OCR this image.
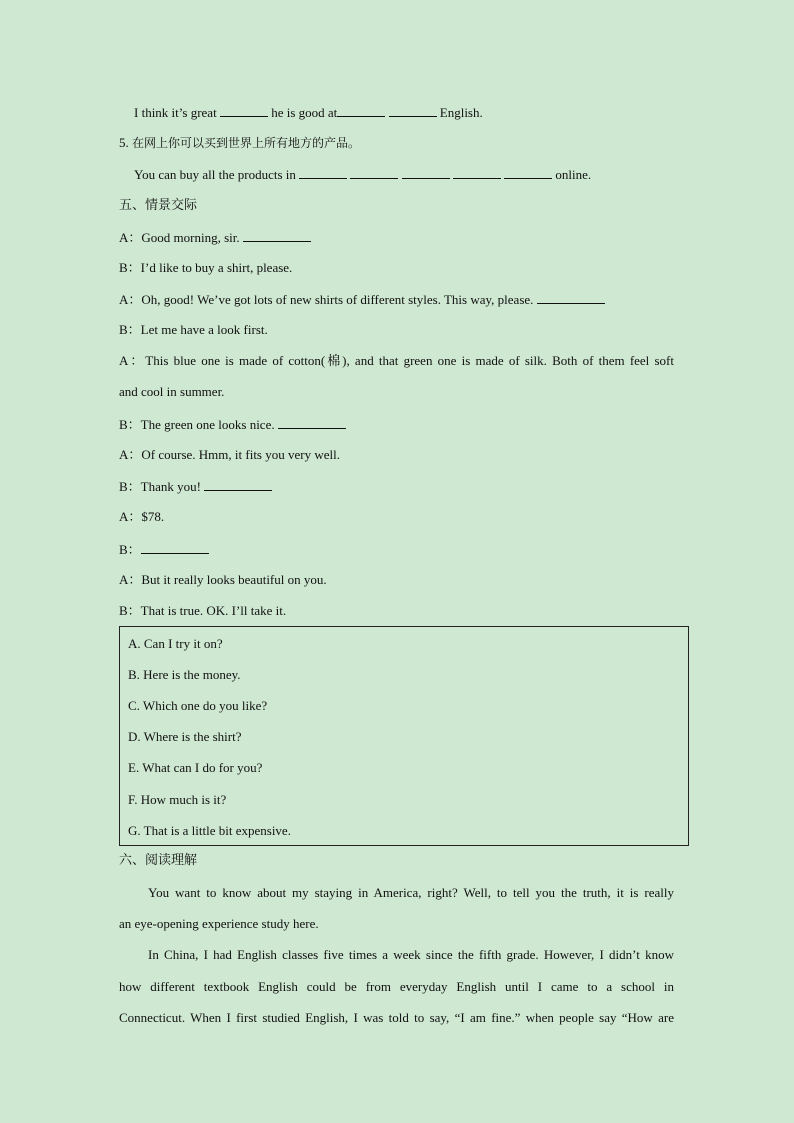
I think it’s great	he is good at	English.
5. 在网上你可以买到世界上所有地方的产品。
You can buy all the products in	online.
五、情景交际
A：Good morning, sir.
B：I’d like to buy a shirt, please.
A：Oh, good! We’ve got lots of new shirts of different styles. This way, please.
B：Let me have a look first.
A：This blue one is made of cotton(棉), and that green one is made of silk. Both of them feel soft
and cool in summer.
B：The green one looks nice.
A：Of course. Hmm, it fits you very well.
B：Thank you!
A：$78.
B：
A：But it really looks beautiful on you.
B：That is true. OK. I’ll take it.
A. Can I try it on?
B. Here is the money.
C. Which one do you like?
D. Where is the shirt?
E. What can I do for you?
F. How much is it?
G. That is a little bit expensive.
六、阅读理解
You want to know about my staying in America, right? Well, to tell you the truth, it is really
an eye-opening experience study here.
In China, I had English classes five times a week since the fifth grade. However, I didn’t know
how different textbook English could be from everyday English until I came to a school in
Connecticut. When I first studied English, I was told to say, “I am fine.” when people say “How are
